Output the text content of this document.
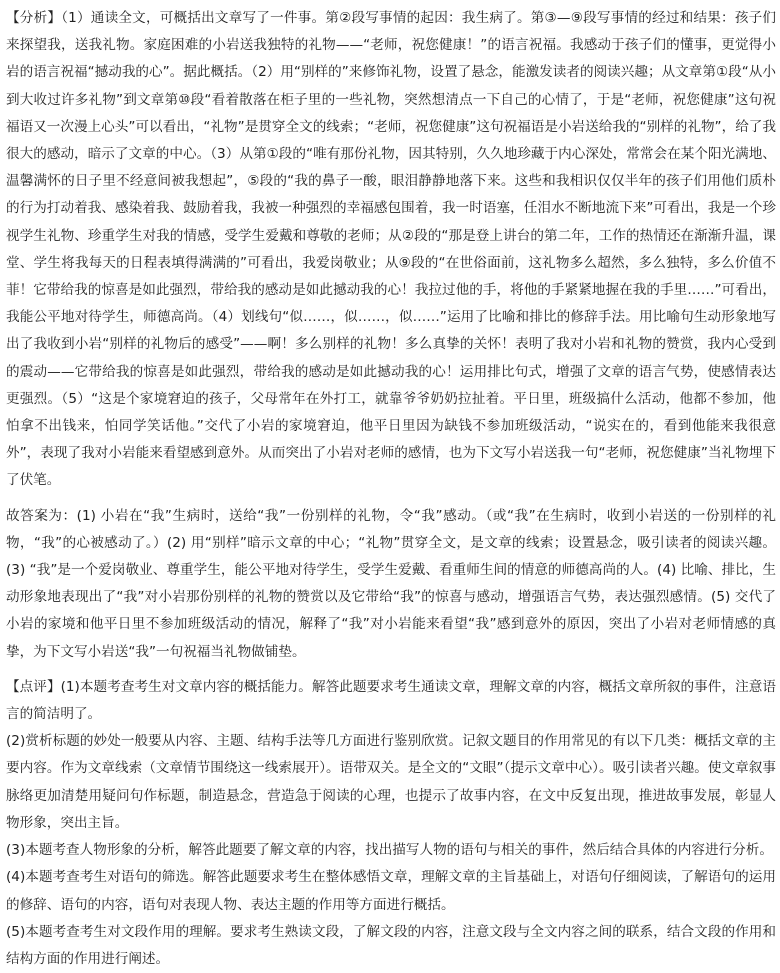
【分析】（1）通读全文，可概括出文章写了一件事。第②段写事情的起因：我生病了。第③—⑨段写事情的经过和结果：孩子们来探望我，送我礼物。家庭困难的小岩送我独特的礼物——“老师，祝您健康！”的语言祝福。我感动于孩子们的懂事，更觉得小岩的语言祝福“撼动我的心”。据此概括。（2）用“别样的”来修饰礼物，设置了悬念，能激发读者的阅读兴趣；从文章第①段“从小到大收过许多礼物”到文章第⑩段“看着散落在柜子里的一些礼物，突然想清点一下自己的心情了，于是“老师，祝您健康”这句祝福语又一次漫上心头”可以看出，“礼物”是贯穿全文的线索；“老师，祝您健康”这句祝福语是小岩送给我的“别样的礼物”，给了我很大的感动，暗示了文章的中心。（3）从第①段的“唯有那份礼物，因其特别，久久地珍藏于内心深处，常常会在某个阳光满地、温馨满怀的日子里不经意间被我想起”，⑤段的“我的鼻子一酸，眼泪静静地落下来。这些和我相识仅仅半年的孩子们用他们质朴的行为打动着我、感染着我、鼓励着我，我被一种强烈的幸福感包围着，我一时语塞，任泪水不断地流下来”可看出，我是一个珍视学生礼物、珍重学生对我的情感，受学生爱戴和尊敬的老师；从②段的“那是登上讲台的第二年，工作的热情还在渐渐升温，课堂、学生将我每天的日程表填得满满的”可看出，我爱岗敬业；从⑨段的“在世俗面前，这礼物多么超然，多么独特，多么价值不菲！它带给我的惊喜是如此强烈，带给我的感动是如此撼动我的心！我拉过他的手，将他的手紧紧地握在我的手里……”可看出，我能公平地对待学生，师德高尚。（4）划线句“似……，似……，似……”运用了比喻和排比的修辞手法。用比喻句生动形象地写出了我收到小岩“别样的礼物后的感受”——啊！多么别样的礼物！多么真挚的关怀！表明了我对小岩和礼物的赞赏，我内心受到的震动——它带给我的惊喜是如此强烈，带给我的感动是如此撼动我的心！运用排比句式，增强了文章的语言气势，使感情表达更强烈。（5）“这是个家境窘迫的孩子，父母常年在外打工，就靠爷爷奶奶拉扯着。平日里，班级搞什么活动，他都不参加，他怕拿不出钱来，怕同学笑话他。”交代了小岩的家境窘迫，他平日里因为缺钱不参加班级活动，“说实在的，看到他能来我很意外”，表现了我对小岩能来看望感到意外。从而突出了小岩对老师的感情，也为下文写小岩送我一句“老师，祝您健康”当礼物埋下了伏笔。

故答案为：(1) 小岩在“我”生病时，送给“我”一份别样的礼物，令“我”感动。（或“我”在生病时，收到小岩送的一份别样的礼物，“我”的心被感动了。）(2) 用“别样”暗示文章的中心；“礼物”贯穿全文，是文章的线索；设置悬念，吸引读者的阅读兴趣。(3) “我”是一个爱岗敬业、尊重学生，能公平地对待学生，受学生爱戴、看重师生间的情意的师德高尚的人。(4) 比喻、排比，生动形象地表现出了“我”对小岩那份别样的礼物的赞赏以及它带给“我”的惊喜与感动，增强语言气势，表达强烈感情。(5) 交代了小岩的家境和他平日里不参加班级活动的情况，解释了“我”对小岩能来看望“我”感到意外的原因，突出了小岩对老师情感的真挚，为下文写小岩送“我”一句祝福当礼物做铺垫。

【点评】(1)本题考查考生对文章内容的概括能力。解答此题要求考生通读文章，理解文章的内容，概括文章所叙的事件，注意语言的简洁明了。

(2)赏析标题的妙处一般要从内容、主题、结构手法等几方面进行鉴别欣赏。记叙文题目的作用常见的有以下几类：概括文章的主要内容。作为文章线索（文章情节围绕这一线索展开）。语带双关。是全文的“文眼”（提示文章中心）。吸引读者兴趣。使文章叙事脉络更加清楚用疑问句作标题，制造悬念，营造急于阅读的心理，也提示了故事内容，在文中反复出现，推进故事发展，彰显人物形象，突出主旨。

(3)本题考查人物形象的分析，解答此题要了解文章的内容，找出描写人物的语句与相关的事件，然后结合具体的内容进行分析。

(4)本题考查考生对语句的筛选。解答此题要求考生在整体感悟文章，理解文章的主旨基础上，对语句仔细阅读，了解语句的运用的修辞、语句的内容，语句对表现人物、表达主题的作用等方面进行概括。

(5)本题考查考生对文段作用的理解。要求考生熟读文段，了解文段的内容，注意文段与全文内容之间的联系，结合文段的作用和结构方面的作用进行阐述。
